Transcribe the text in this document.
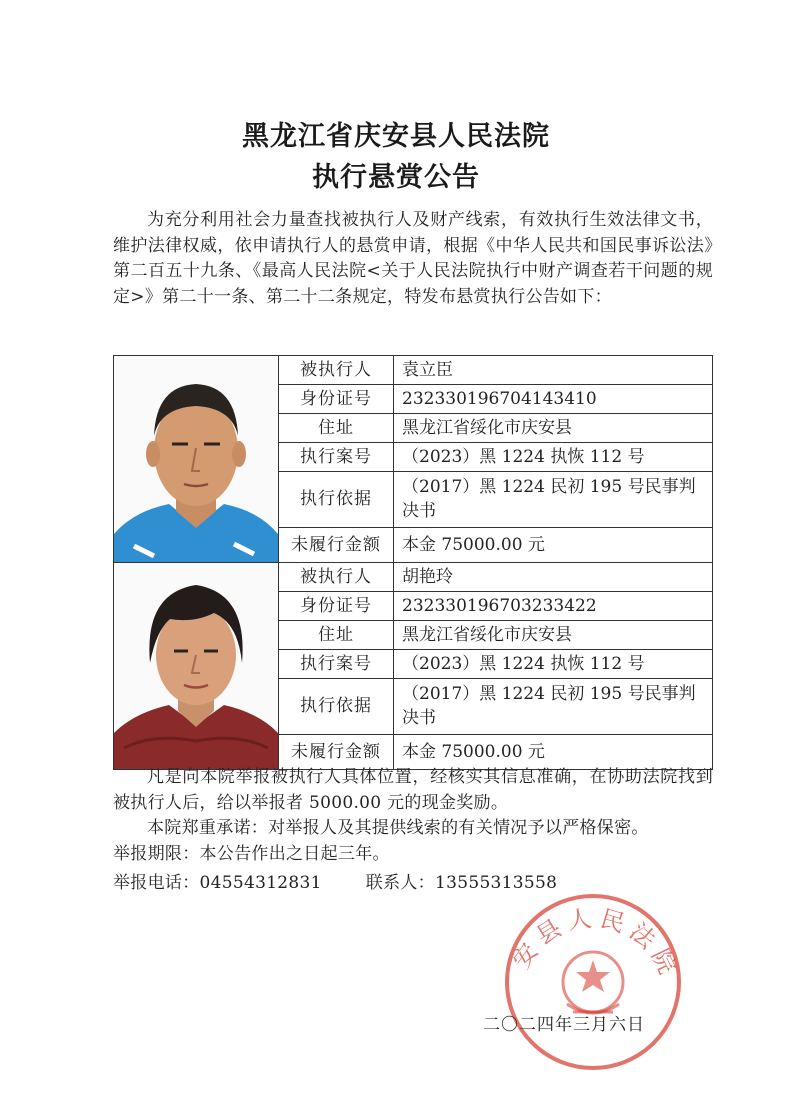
黑龙江省庆安县人民法院
执行悬赏公告

为充分利用社会力量查找被执行人及财产线索，有效执行生效法律文书，维护法律权威，依申请执行人的悬赏申请，根据《中华人民共和国民事诉讼法》第二百五十九条、《最高人民法院<关于人民法院执行中财产调查若干问题的规定>》第二十一条、第二十二条规定，特发布悬赏执行公告如下：

	被执行人	袁立臣
	身份证号	232330196704143410
	住址	黑龙江省绥化市庆安县
	执行案号	（2023）黑 1224 执恢 112 号
	执行依据	（2017）黑 1224 民初 195 号民事判决书
	未履行金额	本金 75000.00 元

	被执行人	胡艳玲
	身份证号	232330196703233422
	住址	黑龙江省绥化市庆安县
	执行案号	（2023）黑 1224 执恢 112 号
	执行依据	（2017）黑 1224 民初 195 号民事判决书
	未履行金额	本金 75000.00 元

凡是向本院举报被执行人具体位置，经核实其信息准确，在协助法院找到被执行人后，给以举报者 5000.00 元的现金奖励。

本院郑重承诺：对举报人及其提供线索的有关情况予以严格保密。

举报期限：本公告作出之日起三年。

举报电话：04554312831	联系人：13555313558

安县人民法院
二〇二四年三月六日
